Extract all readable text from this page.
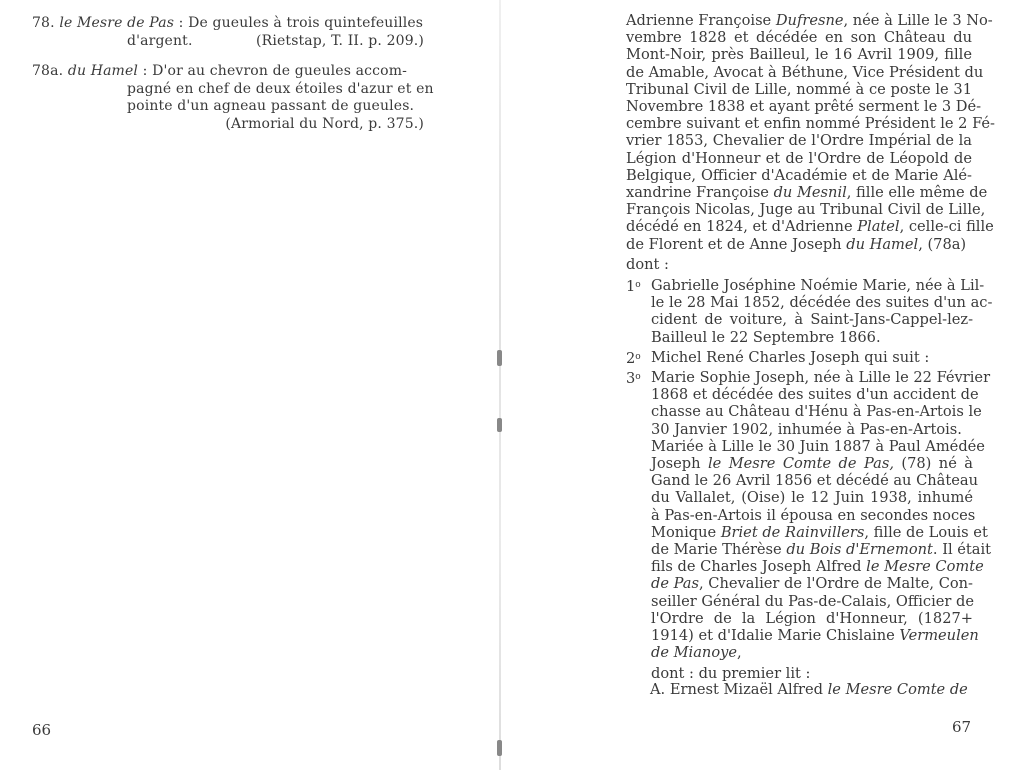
78. le Mesre de Pas : De gueules à trois quintefeuilles
d'argent.	(Rietstap, T. II. p. 209.)
78a. du Hamel : D'or au chevron de gueules accom-
pagné en chef de deux étoiles d'azur et en
pointe d'un agneau passant de gueules.
(Armorial du Nord, p. 375.)
66
Adrienne Françoise Dufresne, née à Lille le 3 No-
vembre 1828 et décédée en son Château du
Mont-Noir, près Bailleul, le 16 Avril 1909, fille
de Amable, Avocat à Béthune, Vice Président du
Tribunal Civil de Lille, nommé à ce poste le 31
Novembre 1838 et ayant prêté serment le 3 Dé-
cembre suivant et enfin nommé Président le 2 Fé-
vrier 1853, Chevalier de l'Ordre Impérial de la
Légion d'Honneur et de l'Ordre de Léopold de
Belgique, Officier d'Académie et de Marie Alé-
xandrine Françoise du Mesnil, fille elle même de
François Nicolas, Juge au Tribunal Civil de Lille,
décédé en 1824, et d'Adrienne Platel, celle-ci fille
de Florent et de Anne Joseph du Hamel, (78a)
dont :
1$^o$ Gabrielle Joséphine Noémie Marie, née à Lil-
le le 28 Mai 1852, décédée des suites d'un ac-
cident de voiture, à Saint-Jans-Cappel-lez-
Bailleul le 22 Septembre 1866.
2$^o$ Michel René Charles Joseph qui suit :
3$^o$ Marie Sophie Joseph, née à Lille le 22 Février
1868 et décédée des suites d'un accident de
chasse au Château d'Hénu à Pas-en-Artois le
30 Janvier 1902, inhumée à Pas-en-Artois.
Mariée à Lille le 30 Juin 1887 à Paul Amédée
Joseph le Mesre Comte de Pas, (78) né à
Gand le 26 Avril 1856 et décédé au Château
du Vallalet, (Oise) le 12 Juin 1938, inhumé
à Pas-en-Artois il épousa en secondes noces
Monique Briet de Rainvillers, fille de Louis et
de Marie Thérèse du Bois d'Ernemont. Il était
fils de Charles Joseph Alfred le Mesre Comte
de Pas, Chevalier de l'Ordre de Malte, Con-
seiller Général du Pas-de-Calais, Officier de
l'Ordre de la Légion d'Honneur, (1827+
1914) et d'Idalie Marie Chislaine Vermeulen
de Mianoye,
dont : du premier lit :
A. Ernest Mizaël Alfred le Mesre Comte de
67
